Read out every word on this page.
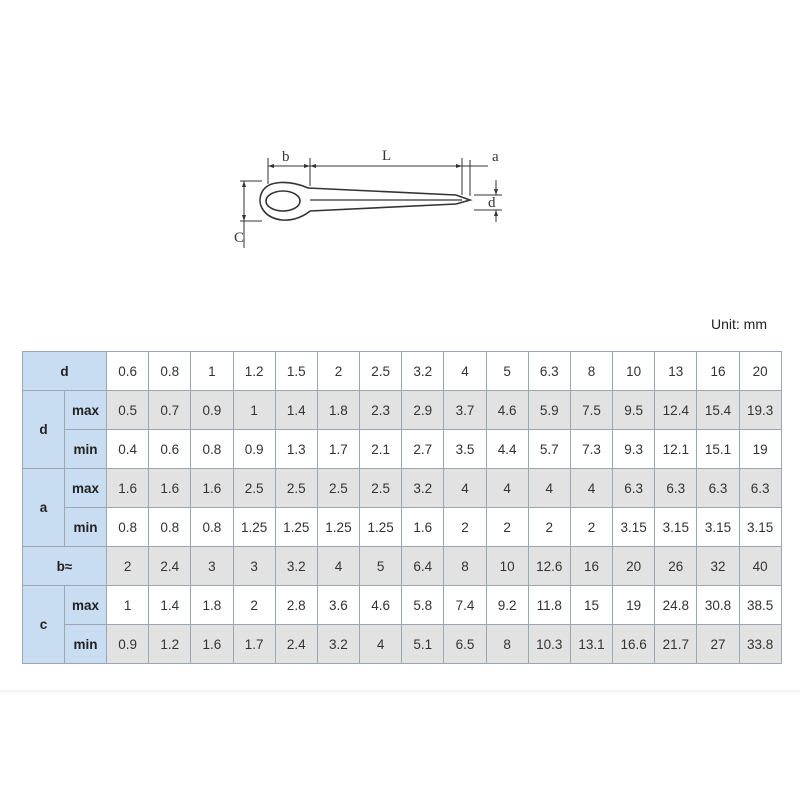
b	L	a
d
C
Unit: mm
d		0.6	0.8	1	1.2	1.5	2	2.5	3.2	4	5	6.3	8	10	13	16	20
d	max	0.5	0.7	0.9	1	1.4	1.8	2.3	2.9	3.7	4.6	5.9	7.5	9.5	12.4	15.4	19.3
	min	0.4	0.6	0.8	0.9	1.3	1.7	2.1	2.7	3.5	4.4	5.7	7.3	9.3	12.1	15.1	19
a	max	1.6	1.6	1.6	2.5	2.5	2.5	2.5	3.2	4	4	4	4	6.3	6.3	6.3	6.3
	min	0.8	0.8	0.8	1.25	1.25	1.25	1.25	1.6	2	2	2	2	3.15	3.15	3.15	3.15
b≈		2	2.4	3	3	3.2	4	5	6.4	8	10	12.6	16	20	26	32	40
c	max	1	1.4	1.8	2	2.8	3.6	4.6	5.8	7.4	9.2	11.8	15	19	24.8	30.8	38.5
	min	0.9	1.2	1.6	1.7	2.4	3.2	4	5.1	6.5	8	10.3	13.1	16.6	21.7	27	33.8
